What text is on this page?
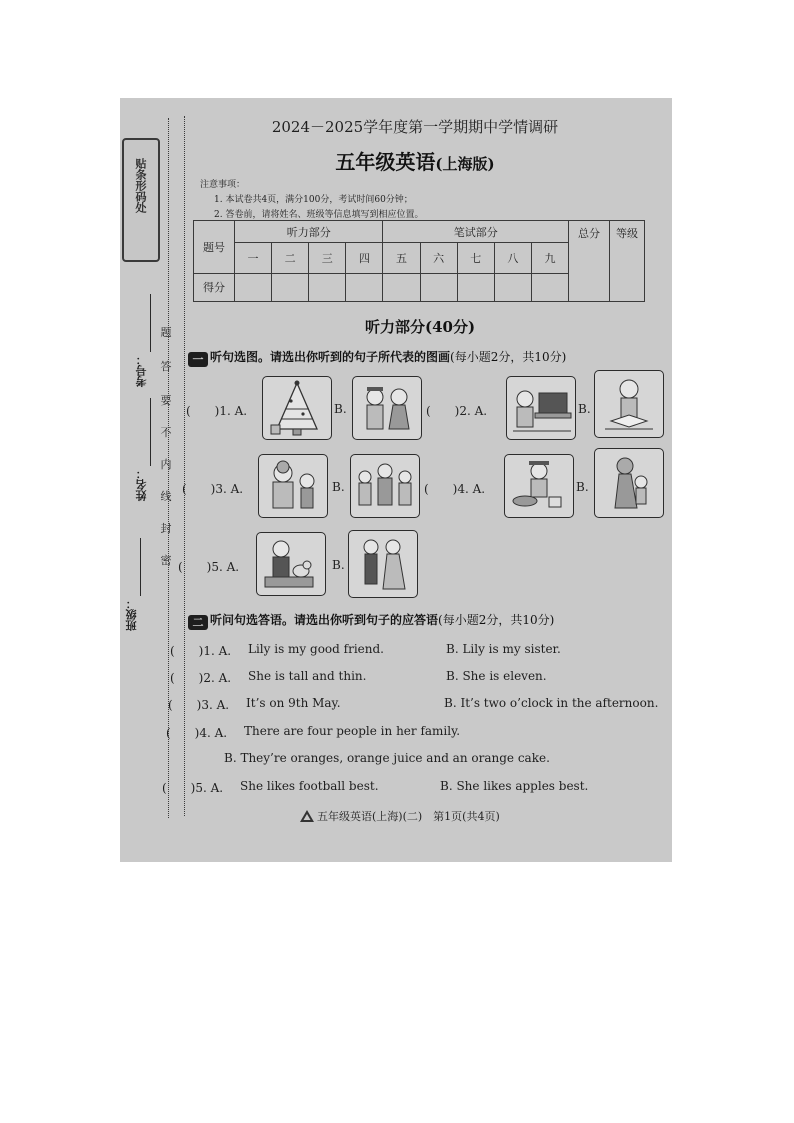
贴条形码处
题
答
要
不
内
线
封
密
考号：
姓名：
班级：
2024－2025学年度第一学期期中学情调研
五年级英语(上海版)
注意事项：
1. 本试卷共4页，满分100分，考试时间60分钟；
2. 答卷前，请将姓名、班级等信息填写到相应位置。
题号	听力部分				笔试部分					总分	等级
	一	二	三	四	五	六	七	八	九		
得分											
听力部分(40分)
一 听句选图。请选出你听到的句子所代表的图画(每小题2分，共10分)
(　　)1. A.	B.	(　　)2. A.	B.
(　　)3. A.	B.	(　　)4. A.	B.
(　　)5. A.	B.
二 听问句选答语。请选出你听到句子的应答语(每小题2分，共10分)
(　　)1. A. Lily is my good friend.	B. Lily is my sister.
(　　)2. A. She is tall and thin.	B. She is eleven.
(　　)3. A. It’s on 9th May.	B. It’s two o’clock in the afternoon.
(　　)4. A. There are four people in her family.
B. They’re oranges, orange juice and an orange cake.
(　　)5. A. She likes football best.	B. She likes apples best.
五年级英语(上海)(二)　第1页(共4页)
